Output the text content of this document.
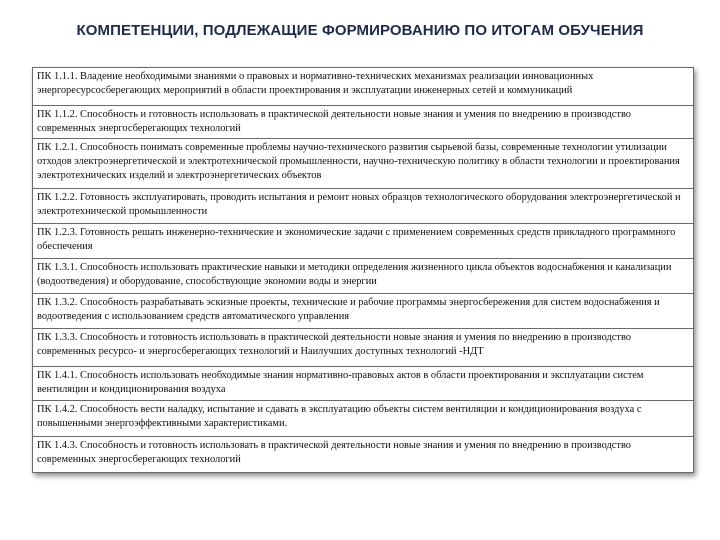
КОМПЕТЕНЦИИ, ПОДЛЕЖАЩИЕ ФОРМИРОВАНИЮ ПО ИТОГАМ ОБУЧЕНИЯ
ПК 1.1.1. Владение необходимыми знаниями о правовых и нормативно-технических механизмах реализации инновационных энергоресурсосберегающих мероприятий в области проектирования и эксплуатации инженерных сетей и коммуникаций
ПК 1.1.2. Способность и готовность использовать в практической деятельности новые знания и умения по внедрению в производство современных энергосберегающих технологий
ПК 1.2.1. Способность понимать современные проблемы научно-технического развития сырьевой базы, современные технологии утилизации отходов электроэнергетической и электротехнической промышленности, научно-техническую политику в области технологии и проектирования электротехнических изделий и электроэнергетических объектов
ПК 1.2.2. Готовность эксплуатировать, проводить испытания и ремонт новых образцов технологического оборудования электроэнергетической и электротехнической промышленности
ПК 1.2.3. Готовность решать инженерно-технические и экономические задачи с применением современных средств прикладного программного обеспечения
ПК 1.3.1. Способность использовать практические навыки и методики определения жизненного цикла объектов водоснабжения и канализации (водоотведения) и оборудование, способствующие экономии воды и энергии
ПК 1.3.2. Способность разрабатывать эскизные проекты, технические и рабочие программы энергосбережения для систем водоснабжения и водоотведения с использованием средств автоматического управления
ПК 1.3.3. Способность и готовность использовать в практической деятельности новые знания и умения по внедрению в производство современных ресурсо- и энергосберегающих технологий и Наилучших доступных технологий -НДТ
ПК 1.4.1. Способность использовать необходимые знания нормативно-правовых актов в области проектирования и эксплуатации систем вентиляции и кондиционирования воздуха
ПК 1.4.2. Способность вести наладку, испытание и сдавать в эксплуатацию объекты систем вентиляции и кондиционирования воздуха с повышенными энергоэффективными характеристиками.
ПК 1.4.3. Способность и готовность использовать в практической деятельности новые знания и умения по внедрению в производство современных энергосберегающих технологий
